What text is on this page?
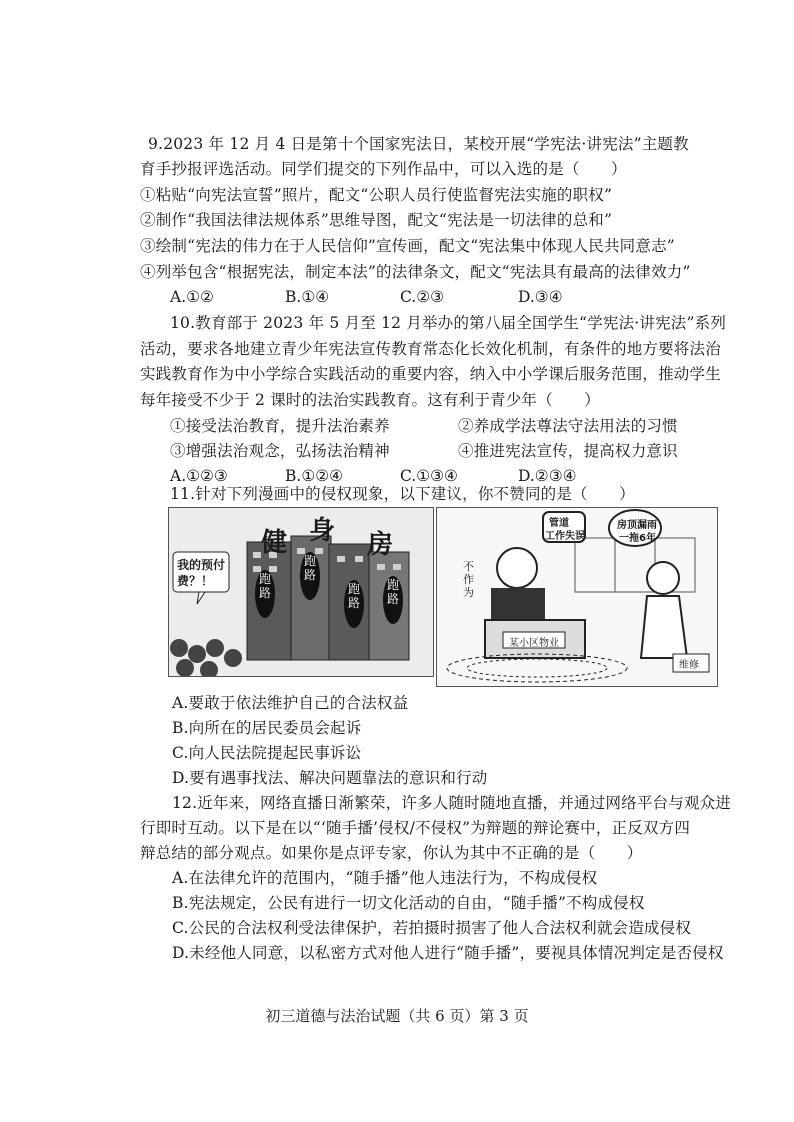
9.2023 年 12 月 4 日是第十个国家宪法日，某校开展“学宪法·讲宪法”主题教
育手抄报评选活动。同学们提交的下列作品中，可以入选的是（　　）
①粘贴“向宪法宣誓”照片，配文“公职人员行使监督宪法实施的职权”
②制作“我国法律法规体系”思维导图，配文“宪法是一切法律的总和”
③绘制“宪法的伟力在于人民信仰”宣传画，配文“宪法集中体现人民共同意志”
④列举包含“根据宪法，制定本法”的法律条文，配文“宪法具有最高的法律效力”
A.①②	B.①④	C.②③	D.③④
10.教育部于 2023 年 5 月至 12 月举办的第八届全国学生“学宪法·讲宪法”系列
活动，要求各地建立青少年宪法宣传教育常态化长效化机制，有条件的地方要将法治
实践教育作为中小学综合实践活动的重要内容，纳入中小学课后服务范围，推动学生
每年接受不少于 2 课时的法治实践教育。这有利于青少年（　　）
①接受法治教育，提升法治素养	②养成学法尊法守法用法的习惯
③增强法治观念，弘扬法治精神	④推进宪法宣传，提高权力意识
A.①②③	B.①②④	C.①③④	D.②③④
11.针对下列漫画中的侵权现象，以下建议，你不赞同的是（　　）
健 身 房
我的预付
费？！	跑
路
跑
路
跑
路
跑
路
管道
工作失误
房顶漏雨
一拖6年
不作为
某小区物业
维修
A.要敢于依法维护自己的合法权益
B.向所在的居民委员会起诉
C.向人民法院提起民事诉讼
D.要有遇事找法、解决问题靠法的意识和行动
12.近年来，网络直播日渐繁荣，许多人随时随地直播，并通过网络平台与观众进
行即时互动。以下是在以“‘随手播’侵权/不侵权”为辩题的辩论赛中，正反双方四
辩总结的部分观点。如果你是点评专家，你认为其中不正确的是（　　）
A.在法律允许的范围内，“随手播”他人违法行为，不构成侵权
B.宪法规定，公民有进行一切文化活动的自由，“随手播”不构成侵权
C.公民的合法权利受法律保护，若拍摄时损害了他人合法权利就会造成侵权
D.未经他人同意，以私密方式对他人进行“随手播”，要视具体情况判定是否侵权
初三道德与法治试题（共 6 页）第 3 页
